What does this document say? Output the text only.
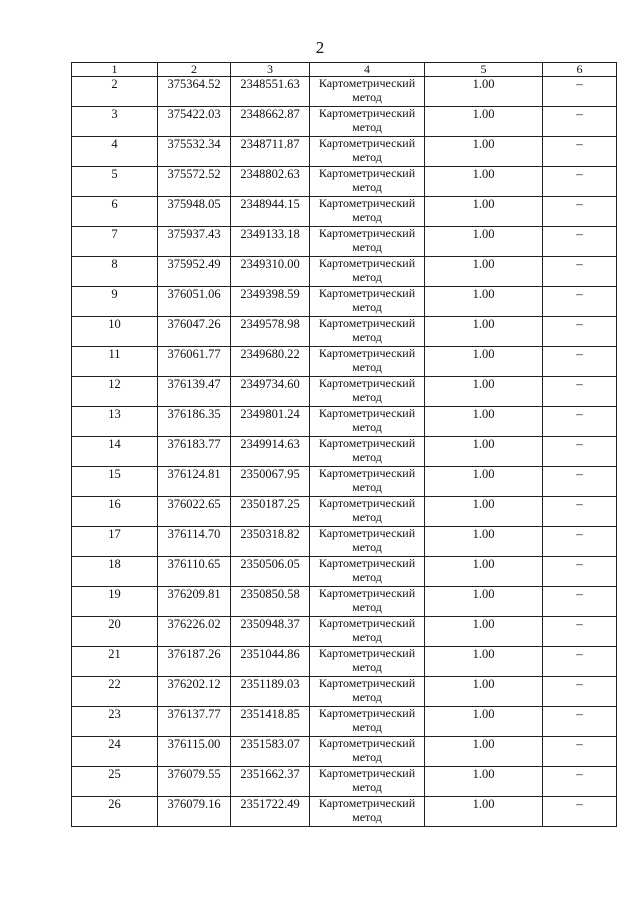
2
1	2	3	4	5	6
2	375364.52	2348551.63	Картометрический метод	1.00	–
3	375422.03	2348662.87	Картометрический метод	1.00	–
4	375532.34	2348711.87	Картометрический метод	1.00	–
5	375572.52	2348802.63	Картометрический метод	1.00	–
6	375948.05	2348944.15	Картометрический метод	1.00	–
7	375937.43	2349133.18	Картометрический метод	1.00	–
8	375952.49	2349310.00	Картометрический метод	1.00	–
9	376051.06	2349398.59	Картометрический метод	1.00	–
10	376047.26	2349578.98	Картометрический метод	1.00	–
11	376061.77	2349680.22	Картометрический метод	1.00	–
12	376139.47	2349734.60	Картометрический метод	1.00	–
13	376186.35	2349801.24	Картометрический метод	1.00	–
14	376183.77	2349914.63	Картометрический метод	1.00	–
15	376124.81	2350067.95	Картометрический метод	1.00	–
16	376022.65	2350187.25	Картометрический метод	1.00	–
17	376114.70	2350318.82	Картометрический метод	1.00	–
18	376110.65	2350506.05	Картометрический метод	1.00	–
19	376209.81	2350850.58	Картометрический метод	1.00	–
20	376226.02	2350948.37	Картометрический метод	1.00	–
21	376187.26	2351044.86	Картометрический метод	1.00	–
22	376202.12	2351189.03	Картометрический метод	1.00	–
23	376137.77	2351418.85	Картометрический метод	1.00	–
24	376115.00	2351583.07	Картометрический метод	1.00	–
25	376079.55	2351662.37	Картометрический метод	1.00	–
26	376079.16	2351722.49	Картометрический метод	1.00	–
